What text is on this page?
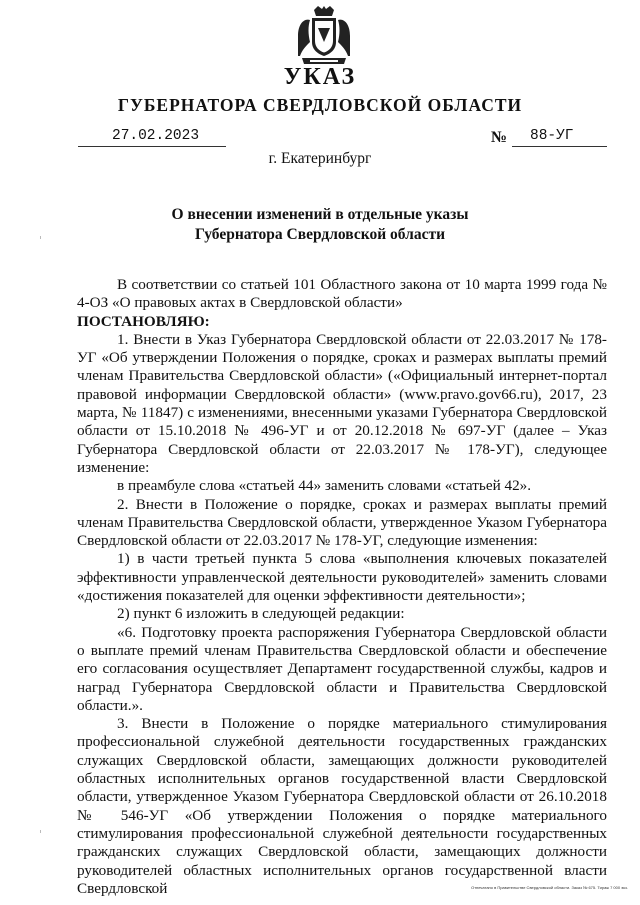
УКАЗ
ГУБЕРНАТОРА СВЕРДЛОВСКОЙ ОБЛАСТИ
27.02.2023	№ 88-УГ
г. Екатеринбург
О внесении изменений в отдельные указы
Губернатора Свердловской области

В соответствии со статьей 101 Областного закона от 10 марта 1999 года № 4-ОЗ «О правовых актах в Свердловской области»

ПОСТАНОВЛЯЮ:

1. Внести в Указ Губернатора Свердловской области от 22.03.2017 № 178-УГ «Об утверждении Положения о порядке, сроках и размерах выплаты премий членам Правительства Свердловской области» («Официальный интернет-портал правовой информации Свердловской области» (www.pravo.gov66.ru), 2017, 23 марта, № 11847) с изменениями, внесенными указами Губернатора Свердловской области от 15.10.2018 № 496-УГ и от 20.12.2018 № 697-УГ (далее – Указ Губернатора Свердловской области от 22.03.2017 № 178-УГ), следующее изменение:

в преамбуле слова «статьей 44» заменить словами «статьей 42».

2. Внести в Положение о порядке, сроках и размерах выплаты премий членам Правительства Свердловской области, утвержденное Указом Губернатора Свердловской области от 22.03.2017 № 178-УГ, следующие изменения:

1) в части третьей пункта 5 слова «выполнения ключевых показателей эффективности управленческой деятельности руководителей» заменить словами «достижения показателей для оценки эффективности деятельности»;

2) пункт 6 изложить в следующей редакции:

«6. Подготовку проекта распоряжения Губернатора Свердловской области о выплате премий членам Правительства Свердловской области и обеспечение его согласования осуществляет Департамент государственной службы, кадров и наград Губернатора Свердловской области и Правительства Свердловской области.».

3. Внести в Положение о порядке материального стимулирования профессиональной служебной деятельности государственных гражданских служащих Свердловской области, замещающих должности руководителей областных исполнительных органов государственной власти Свердловской области, утвержденное Указом Губернатора Свердловской области от 26.10.2018 № 546-УГ «Об утверждении Положения о порядке материального стимулирования профессиональной служебной деятельности государственных гражданских служащих Свердловской области, замещающих должности руководителей областных исполнительных органов государственной власти Свердловской	Отпечатано в Правительстве Свердловской области. Заказ № 675. Тираж 7 000 экз.
